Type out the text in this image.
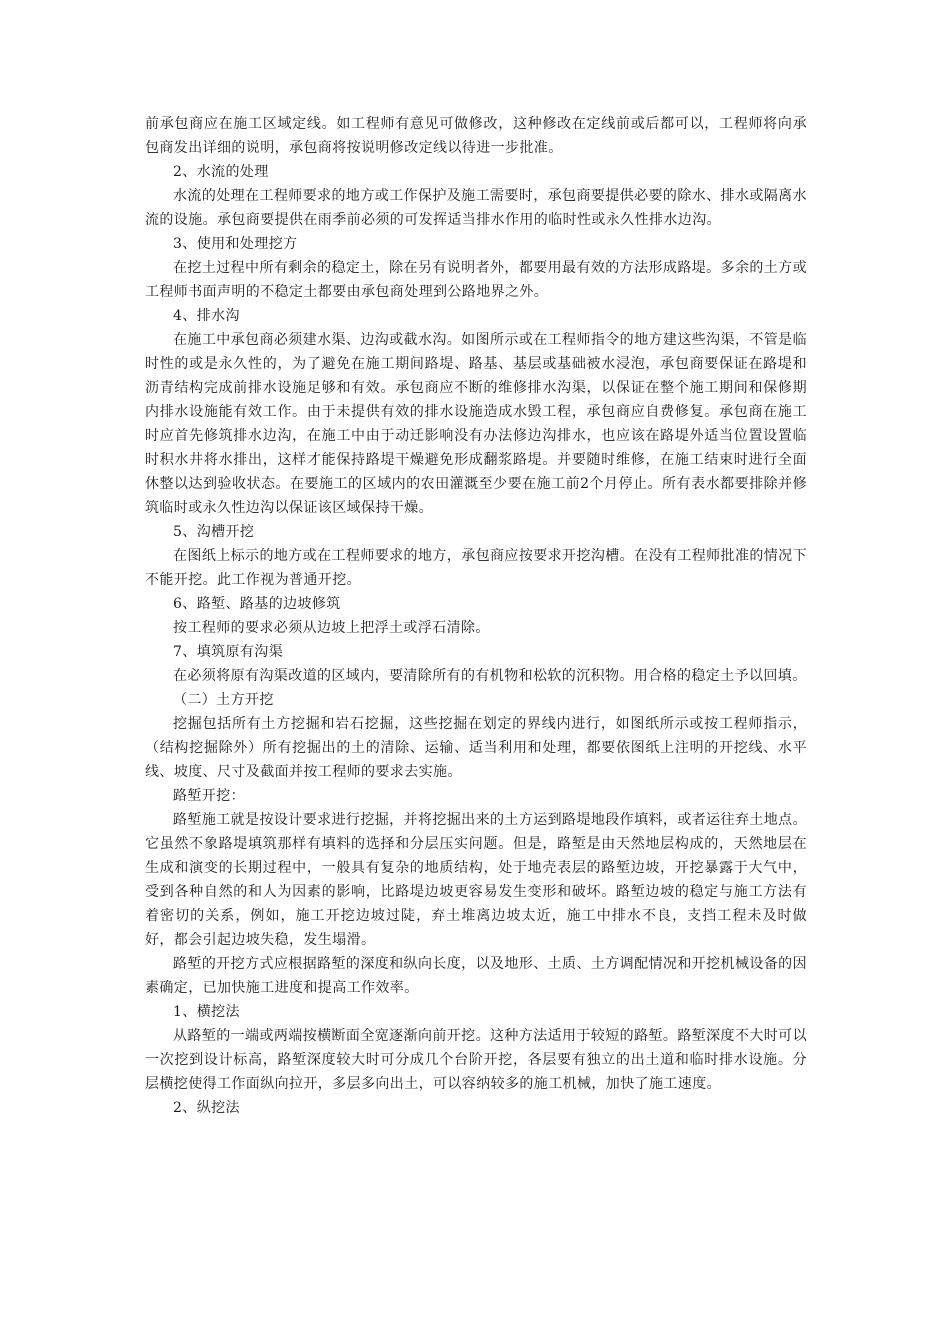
前承包商应在施工区域定线。如工程师有意见可做修改，这种修改在定线前或后都可以，工程师将向承包商发出详细的说明，承包商将按说明修改定线以待进一步批准。

2、水流的处理

水流的处理在工程师要求的地方或工作保护及施工需要时，承包商要提供必要的除水、排水或隔离水流的设施。承包商要提供在雨季前必须的可发挥适当排水作用的临时性或永久性排水边沟。

3、使用和处理挖方

在挖土过程中所有剩余的稳定土，除在另有说明者外，都要用最有效的方法形成路堤。多余的土方或工程师书面声明的不稳定土都要由承包商处理到公路地界之外。

4、排水沟

在施工中承包商必须建水渠、边沟或截水沟。如图所示或在工程师指令的地方建这些沟渠，不管是临时性的或是永久性的，为了避免在施工期间路堤、路基、基层或基础被水浸泡，承包商要保证在路堤和沥青结构完成前排水设施足够和有效。承包商应不断的维修排水沟渠，以保证在整个施工期间和保修期内排水设施能有效工作。由于未提供有效的排水设施造成水毁工程，承包商应自费修复。承包商在施工时应首先修筑排水边沟，在施工中由于动迁影响没有办法修边沟排水，也应该在路堤外适当位置设置临时积水井将水排出，这样才能保持路堤干燥避免形成翻浆路堤。并要随时维修，在施工结束时进行全面休整以达到验收状态。在要施工的区域内的农田灌溉至少要在施工前2个月停止。所有表水都要排除并修筑临时或永久性边沟以保证该区域保持干燥。

5、沟槽开挖

在图纸上标示的地方或在工程师要求的地方，承包商应按要求开挖沟槽。在没有工程师批准的情况下不能开挖。此工作视为普通开挖。

6、路堑、路基的边坡修筑

按工程师的要求必须从边坡上把浮土或浮石清除。

7、填筑原有沟渠

在必须将原有沟渠改道的区域内，要清除所有的有机物和松软的沉积物。用合格的稳定土予以回填。

（二）土方开挖

挖掘包括所有土方挖掘和岩石挖掘，这些挖掘在划定的界线内进行，如图纸所示或按工程师指示，（结构挖掘除外）所有挖掘出的土的清除、运输、适当利用和处理，都要依图纸上注明的开挖线、水平线、坡度、尺寸及截面并按工程师的要求去实施。

路堑开挖：

路堑施工就是按设计要求进行挖掘，并将挖掘出来的土方运到路堤地段作填料，或者运往弃土地点。它虽然不象路堤填筑那样有填料的选择和分层压实问题。但是，路堑是由天然地层构成的，天然地层在生成和演变的长期过程中，一般具有复杂的地质结构，处于地壳表层的路堑边坡，开挖暴露于大气中，受到各种自然的和人为因素的影响，比路堤边坡更容易发生变形和破坏。路堑边坡的稳定与施工方法有着密切的关系，例如，施工开挖边坡过陡，弃土堆离边坡太近，施工中排水不良，支挡工程未及时做好，都会引起边坡失稳，发生塌滑。

路堑的开挖方式应根据路堑的深度和纵向长度，以及地形、土质、土方调配情况和开挖机械设备的因素确定，已加快施工进度和提高工作效率。

1、横挖法

从路堑的一端或两端按横断面全宽逐渐向前开挖。这种方法适用于较短的路堑。路堑深度不大时可以一次挖到设计标高，路堑深度较大时可分成几个台阶开挖，各层要有独立的出土道和临时排水设施。分层横挖使得工作面纵向拉开，多层多向出土，可以容纳较多的施工机械，加快了施工速度。

2、纵挖法
